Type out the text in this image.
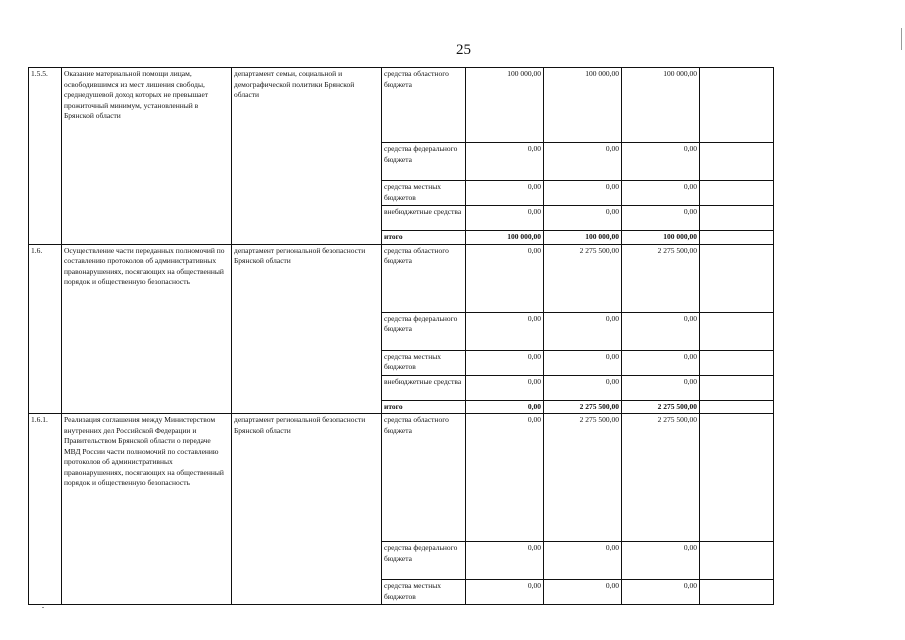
25
1.5.5.	Оказание материальной помощи лицам, освободившимся из мест лишения свободы, среднедушевой доход которых не превышает прожиточный минимум, установленный в Брянской области	департамент семьи, социальной и демографической политики Брянской области	средства областного бюджета	100 000,00	100 000,00	100 000,00	
			средства федерального бюджета	0,00	0,00	0,00	
			средства местных бюджетов	0,00	0,00	0,00	
			внебюджетные средства	0,00	0,00	0,00	
			итого	100 000,00	100 000,00	100 000,00	
1.6.	Осуществление части переданных полномочий по составлению протоколов об административных правонарушениях, посягающих на общественный порядок и общественную безопасность	департамент региональной безопасности Брянской области	средства областного бюджета	0,00	2 275 500,00	2 275 500,00	
			средства федерального бюджета	0,00	0,00	0,00	
			средства местных бюджетов	0,00	0,00	0,00	
			внебюджетные средства	0,00	0,00	0,00	
			итого	0,00	2 275 500,00	2 275 500,00	
1.6.1.	Реализация соглашения между Министерством внутренних дел Российской Федерации и Правительством Брянской области о передаче МВД России части полномочий по составлению протоколов об административных правонарушениях, посягающих на общественный порядок и общественную безопасность	департамент региональной безопасности Брянской области	средства областного бюджета	0,00	2 275 500,00	2 275 500,00	
			средства федерального бюджета	0,00	0,00	0,00	
			средства местных бюджетов	0,00	0,00	0,00	
